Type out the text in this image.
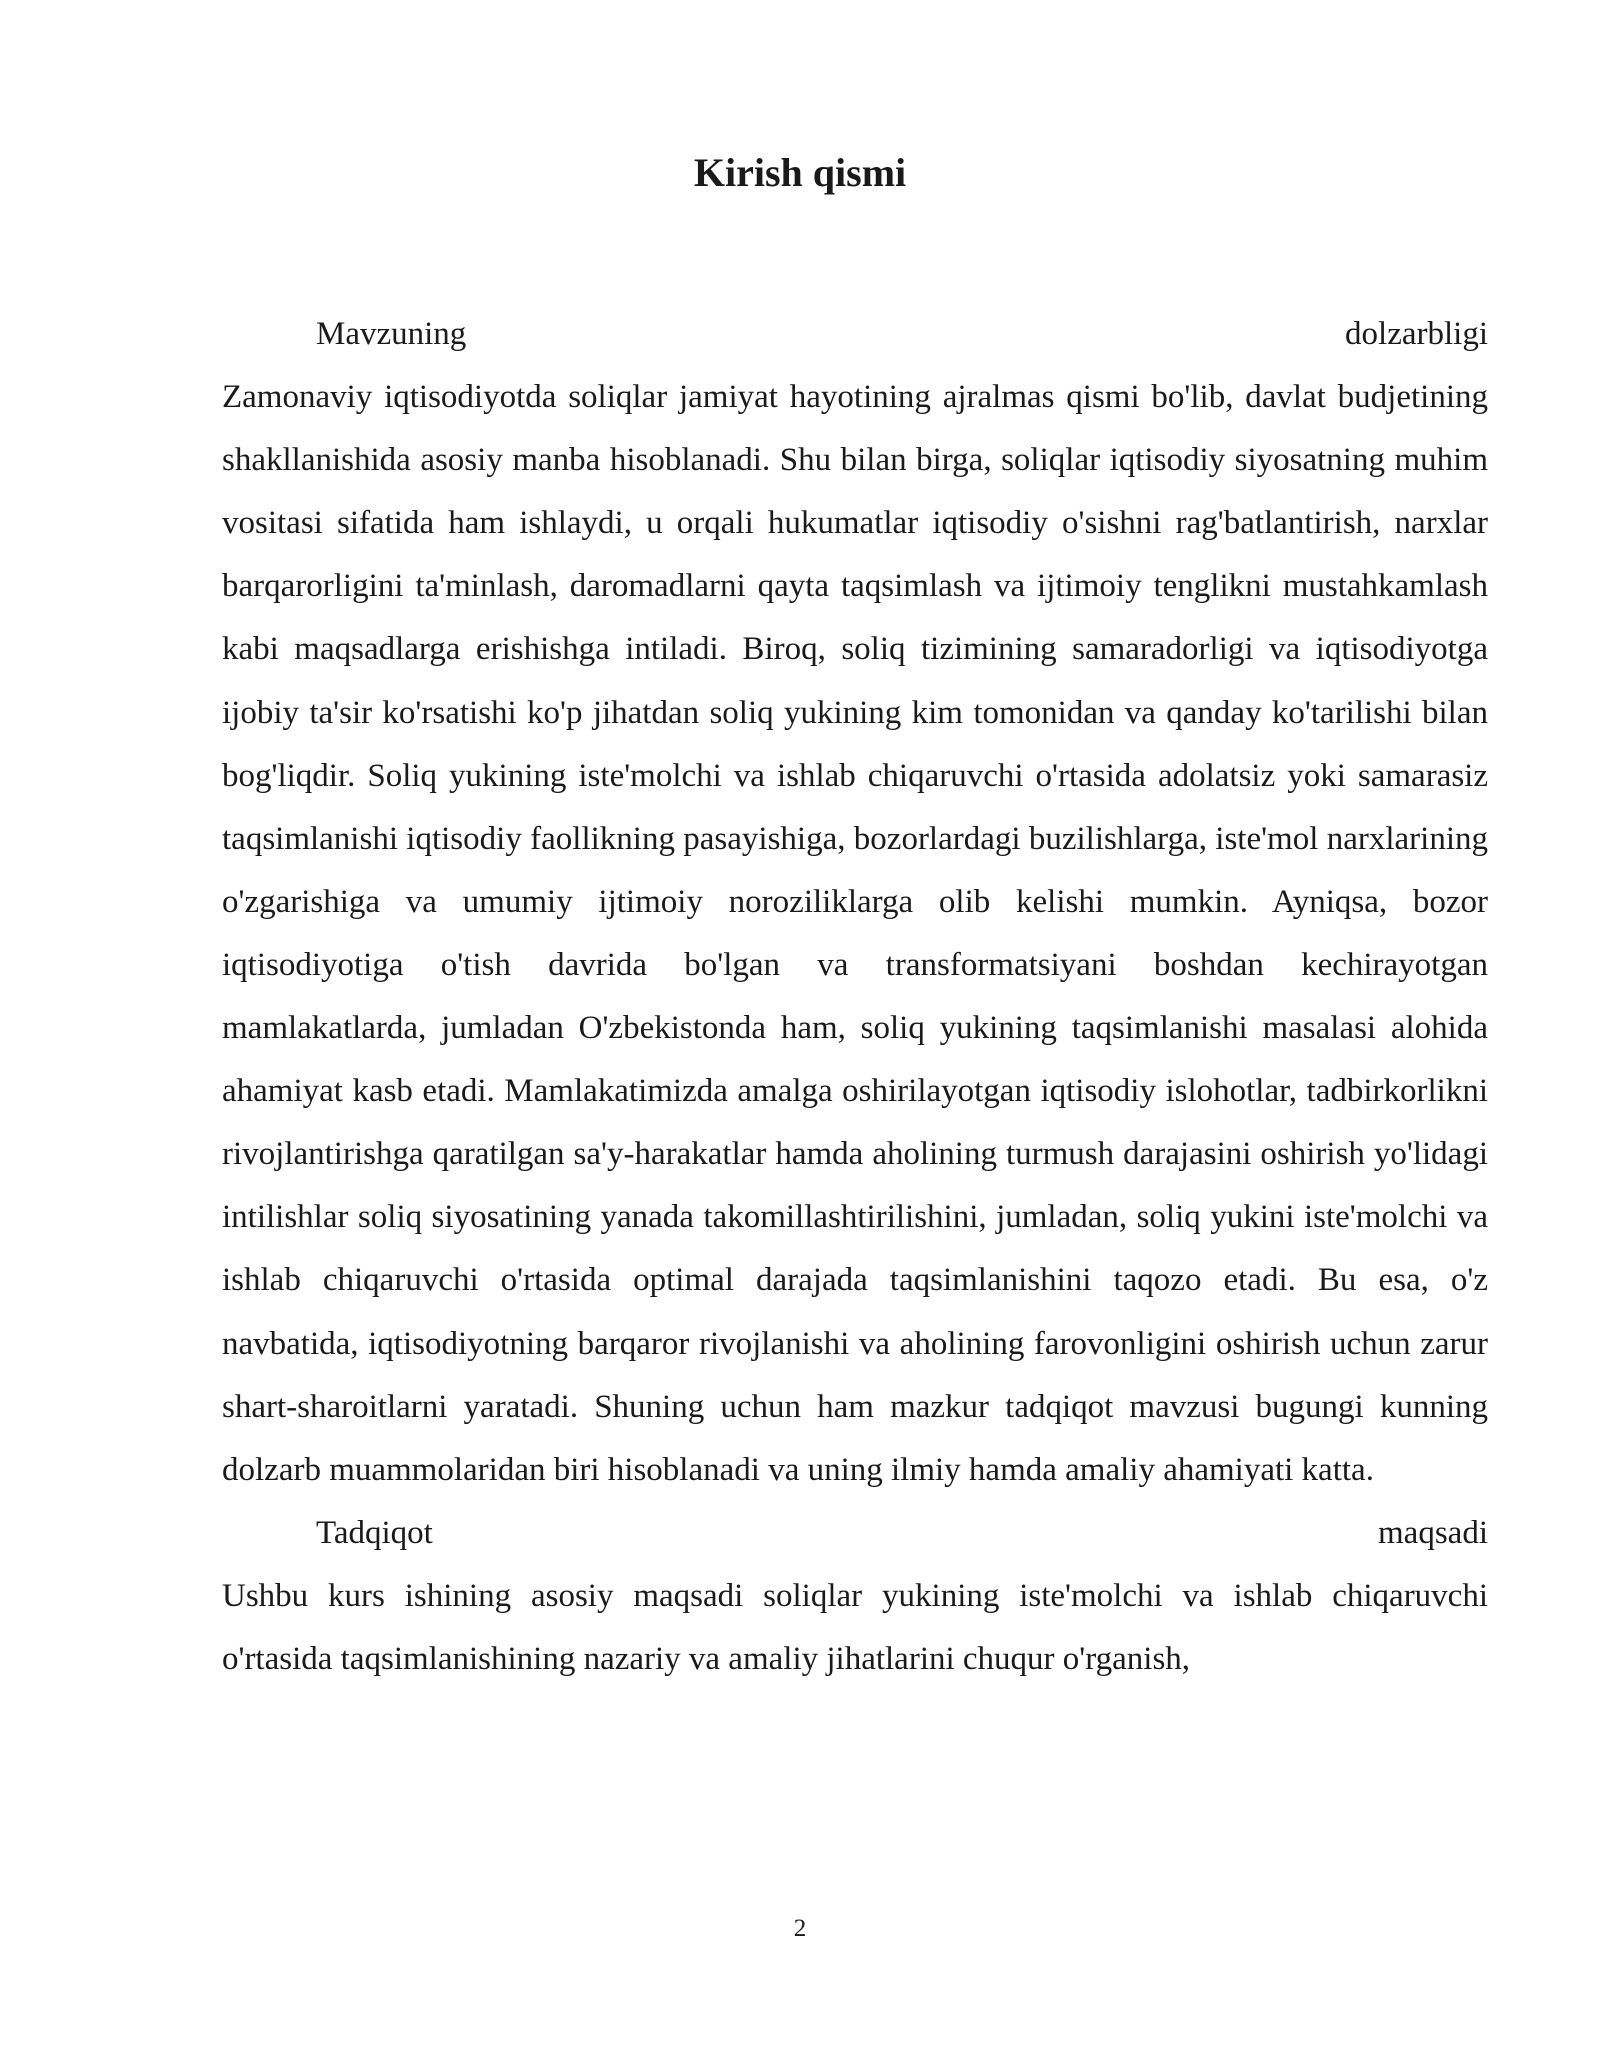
Kirish qismi
Mavzuning	dolzarbligi

Zamonaviy iqtisodiyotda soliqlar jamiyat hayotining ajralmas qismi bo'lib, davlat budjetining shakllanishida asosiy manba hisoblanadi. Shu bilan birga, soliqlar iqtisodiy siyosatning muhim vositasi sifatida ham ishlaydi, u orqali hukumatlar iqtisodiy o'sishni rag'batlantirish, narxlar barqarorligini ta'minlash, daromadlarni qayta taqsimlash va ijtimoiy tenglikni mustahkamlash kabi maqsadlarga erishishga intiladi. Biroq, soliq tizimining samaradorligi va iqtisodiyotga ijobiy ta'sir ko'rsatishi ko'p jihatdan soliq yukining kim tomonidan va qanday ko'tarilishi bilan bog'liqdir. Soliq yukining iste'molchi va ishlab chiqaruvchi o'rtasida adolatsiz yoki samarasiz taqsimlanishi iqtisodiy faollikning pasayishiga, bozorlardagi buzilishlarga, iste'mol narxlarining o'zgarishiga va umumiy ijtimoiy noroziliklarga olib kelishi mumkin. Ayniqsa, bozor iqtisodiyotiga o'tish davrida bo'lgan va transformatsiyani boshdan kechirayotgan mamlakatlarda, jumladan O'zbekistonda ham, soliq yukining taqsimlanishi masalasi alohida ahamiyat kasb etadi. Mamlakatimizda amalga oshirilayotgan iqtisodiy islohotlar, tadbirkorlikni rivojlantirishga qaratilgan sa'y-harakatlar hamda aholining turmush darajasini oshirish yo'lidagi intilishlar soliq siyosatining yanada takomillashtirilishini, jumladan, soliq yukini iste'molchi va ishlab chiqaruvchi o'rtasida optimal darajada taqsimlanishini taqozo etadi. Bu esa, o'z navbatida, iqtisodiyotning barqaror rivojlanishi va aholining farovonligini oshirish uchun zarur shart-sharoitlarni yaratadi. Shuning uchun ham mazkur tadqiqot mavzusi bugungi kunning dolzarb muammolaridan biri hisoblanadi va uning ilmiy hamda amaliy ahamiyati katta.

Tadqiqot	maqsadi

Ushbu kurs ishining asosiy maqsadi soliqlar yukining iste'molchi va ishlab chiqaruvchi o'rtasida taqsimlanishining nazariy va amaliy jihatlarini chuqur o'rganish,

2
